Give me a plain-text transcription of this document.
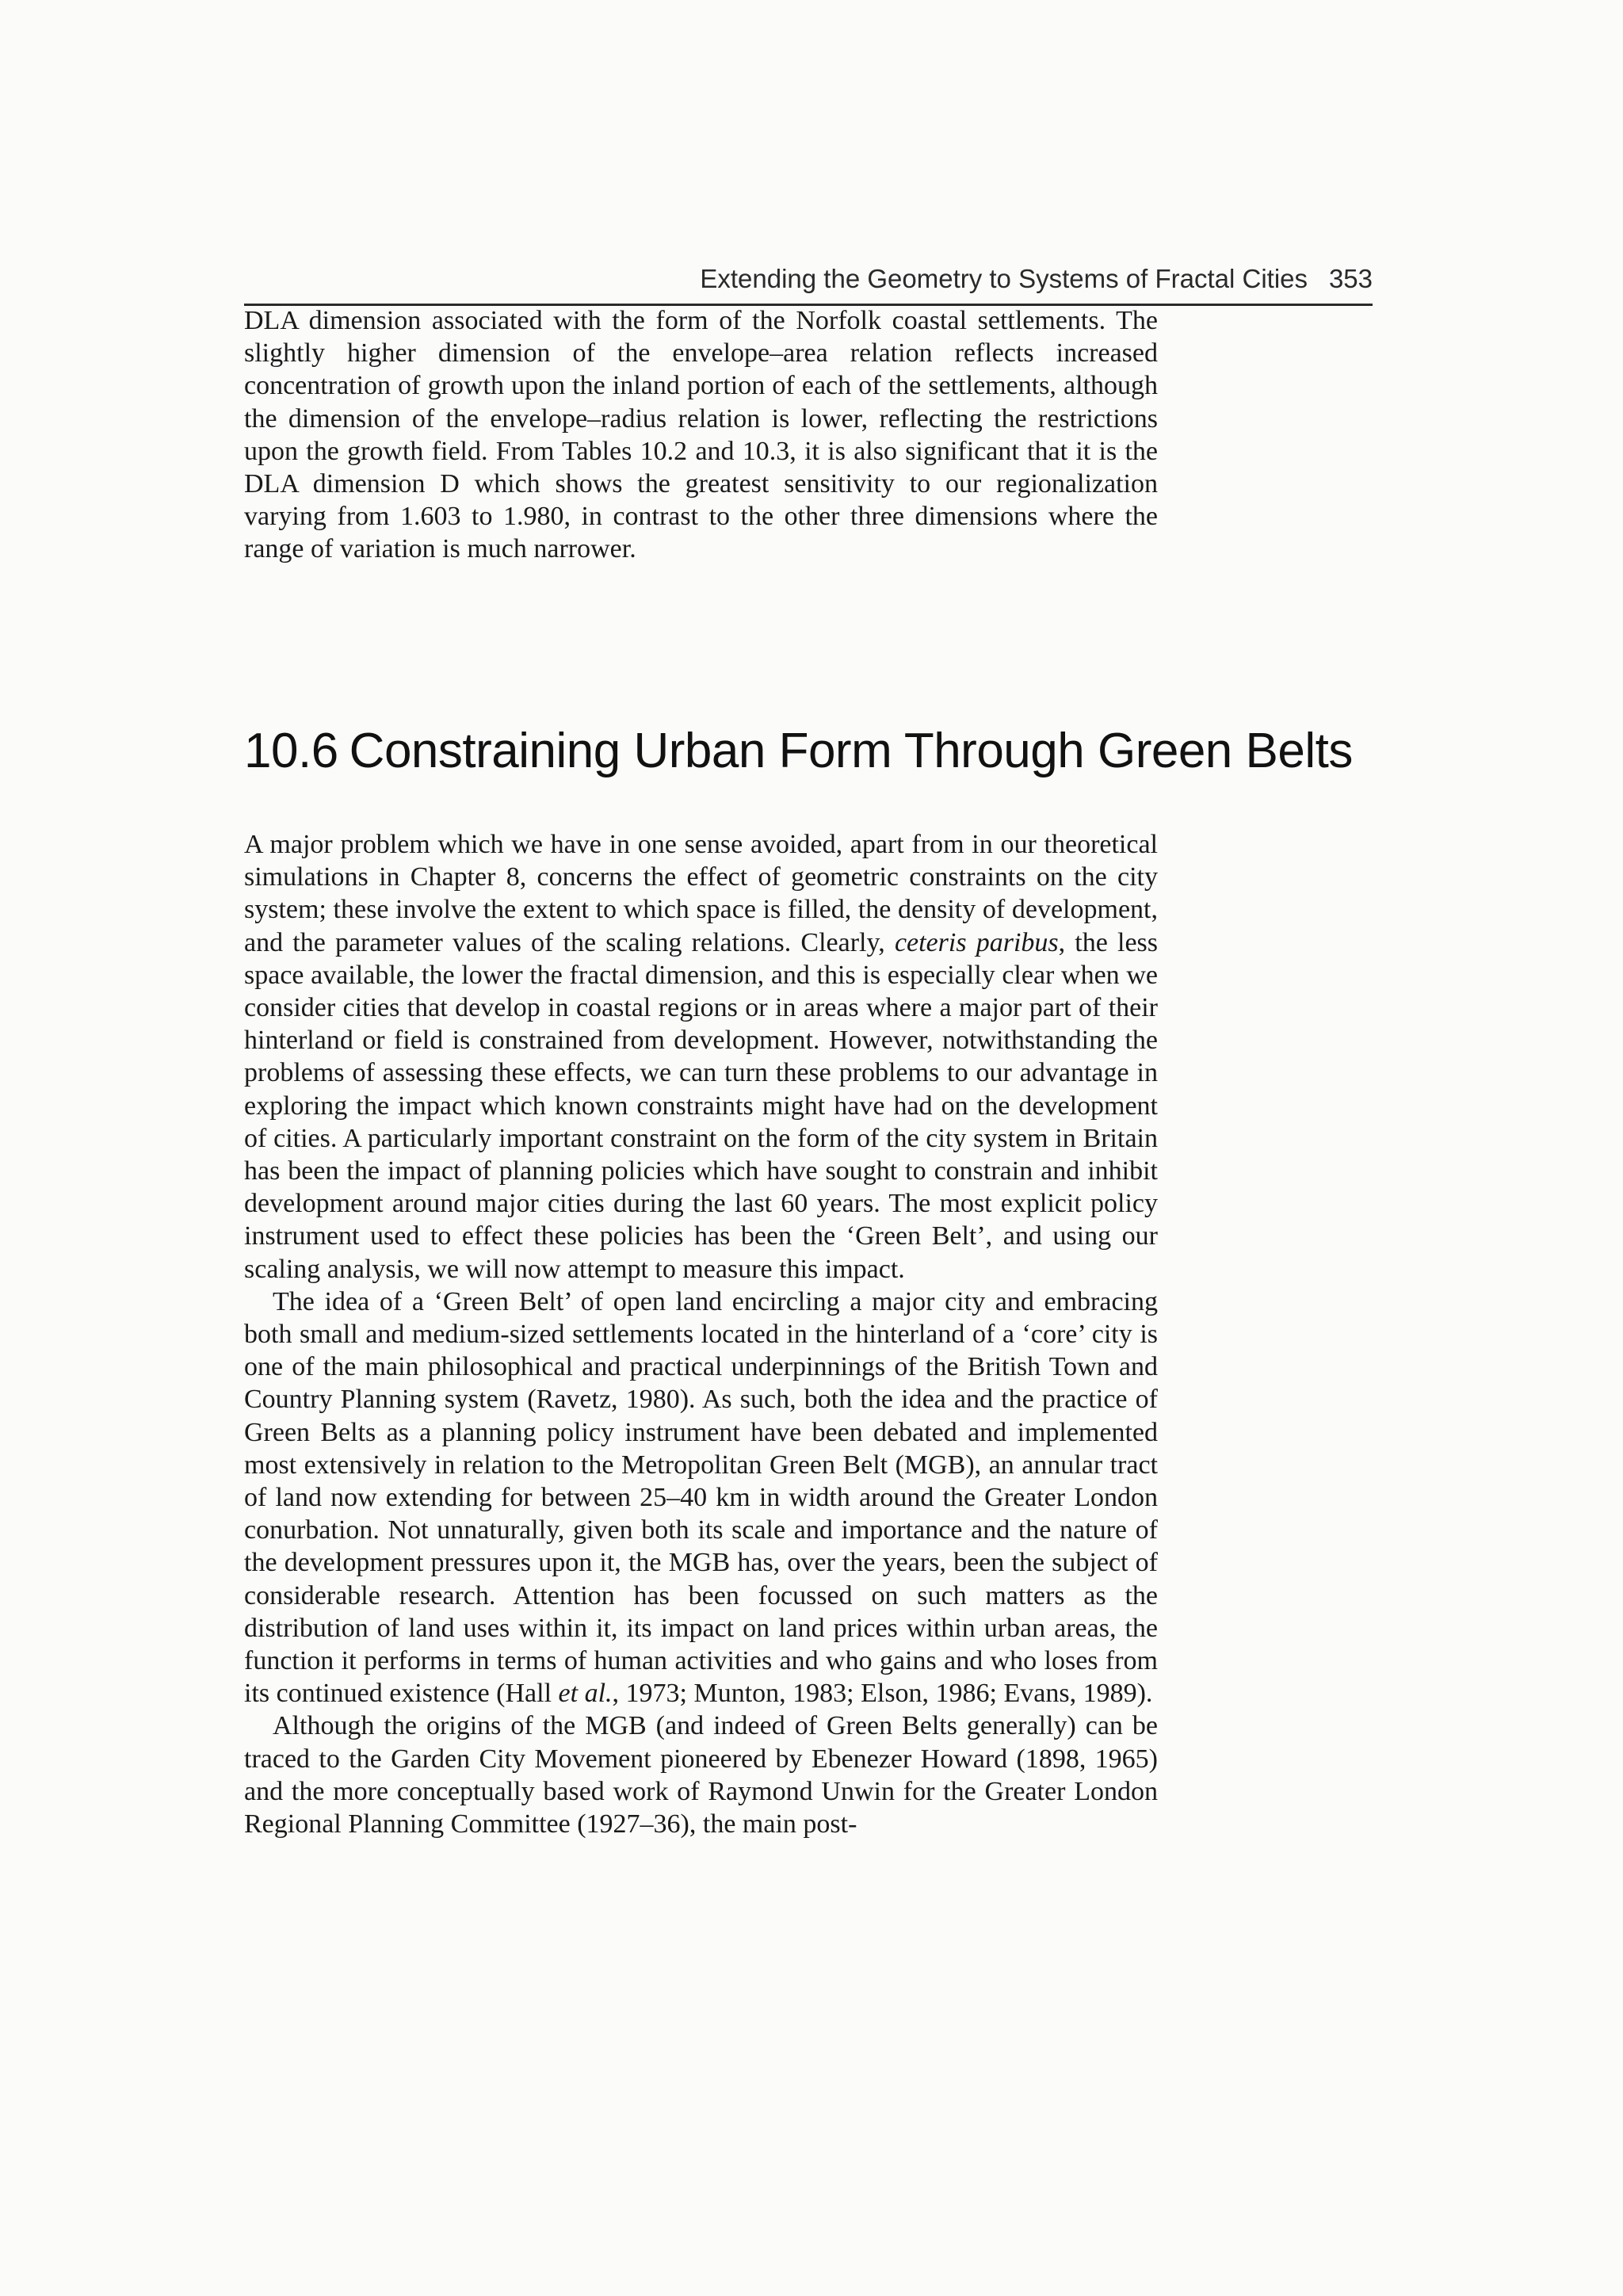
Extending the Geometry to Systems of Fractal Cities 353

DLA dimension associated with the form of the Norfolk coastal settlements. The slightly higher dimension of the envelope–area relation reflects increased concentration of growth upon the inland portion of each of the settlements, although the dimension of the envelope–radius relation is lower, reflecting the restrictions upon the growth field. From Tables 10.2 and 10.3, it is also significant that it is the DLA dimension D which shows the greatest sensitivity to our regionalization varying from 1.603 to 1.980, in contrast to the other three dimensions where the range of variation is much narrower.

10.6 Constraining Urban Form Through Green Belts

A major problem which we have in one sense avoided, apart from in our theoretical simulations in Chapter 8, concerns the effect of geometric constraints on the city system; these involve the extent to which space is filled, the density of development, and the parameter values of the scaling relations. Clearly, ceteris paribus, the less space available, the lower the fractal dimension, and this is especially clear when we consider cities that develop in coastal regions or in areas where a major part of their hinterland or field is constrained from development. However, notwithstanding the problems of assessing these effects, we can turn these problems to our advantage in exploring the impact which known constraints might have had on the development of cities. A particularly important constraint on the form of the city system in Britain has been the impact of planning policies which have sought to constrain and inhibit development around major cities during the last 60 years. The most explicit policy instrument used to effect these policies has been the ‘Green Belt’, and using our scaling analysis, we will now attempt to measure this impact.

The idea of a ‘Green Belt’ of open land encircling a major city and embracing both small and medium-sized settlements located in the hinterland of a ‘core’ city is one of the main philosophical and practical underpinnings of the British Town and Country Planning system (Ravetz, 1980). As such, both the idea and the practice of Green Belts as a planning policy instrument have been debated and implemented most extensively in relation to the Metropolitan Green Belt (MGB), an annular tract of land now extending for between 25–40 km in width around the Greater London conurbation. Not unnaturally, given both its scale and importance and the nature of the development pressures upon it, the MGB has, over the years, been the subject of considerable research. Attention has been focussed on such matters as the distribution of land uses within it, its impact on land prices within urban areas, the function it performs in terms of human activities and who gains and who loses from its continued existence (Hall et al., 1973; Munton, 1983; Elson, 1986; Evans, 1989).

Although the origins of the MGB (and indeed of Green Belts generally) can be traced to the Garden City Movement pioneered by Ebenezer Howard (1898, 1965) and the more conceptually based work of Raymond Unwin for the Greater London Regional Planning Committee (1927–36), the main post-
